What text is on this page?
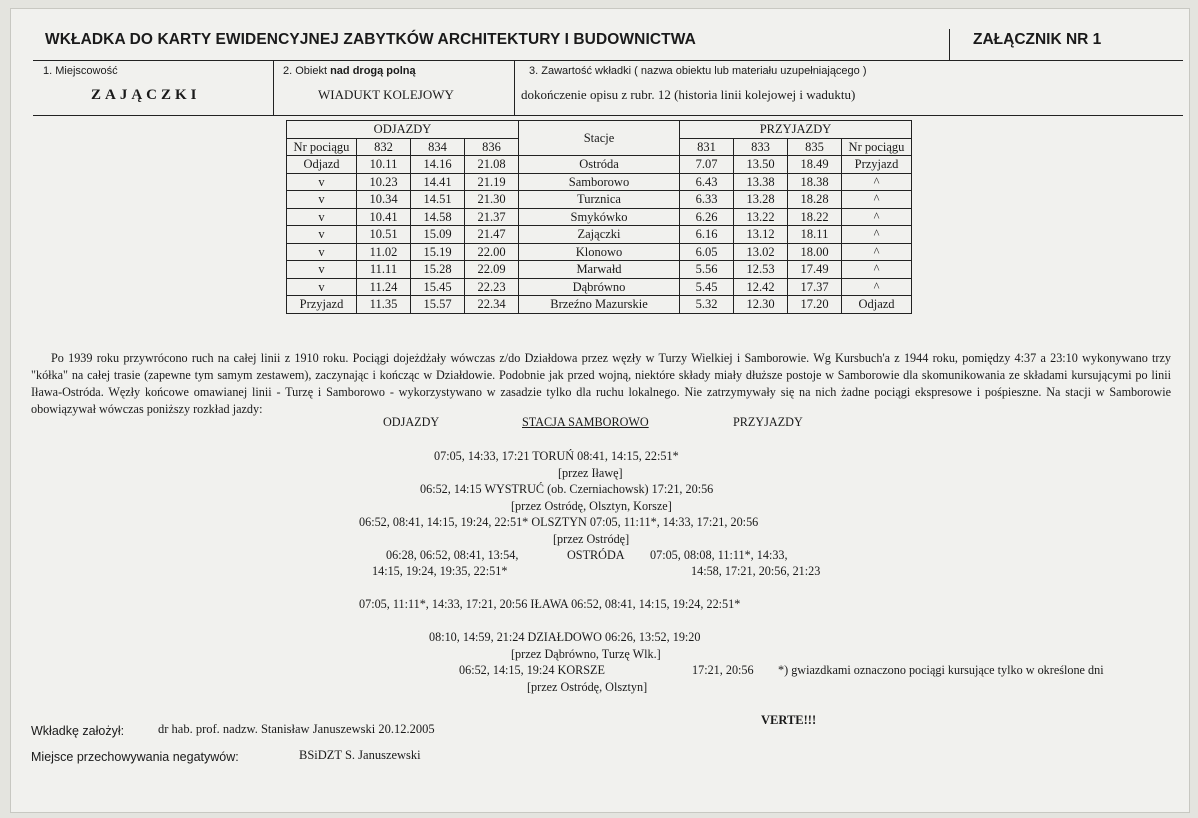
WKŁADKA DO KARTY EWIDENCYJNEJ ZABYTKÓW ARCHITEKTURY I BUDOWNICTWA	ZAŁĄCZNIK NR 1
1. Miejscowość
ZAJĄCZKI
2. Obiekt nad drogą polną
WIADUKT KOLEJOWY
3. Zawartość wkładki ( nazwa obiektu lub materiału uzupełniającego )
dokończenie opisu z rubr. 12 (historia linii kolejowej i waduktu)
ODJAZDY				Stacje	PRZYJAZDY			
Nr pociągu	832	834	836		831	833	835	Nr pociągu
Odjazd	10.11	14.16	21.08	Ostróda	7.07	13.50	18.49	Przyjazd
v	10.23	14.41	21.19	Samborowo	6.43	13.38	18.38	^
v	10.34	14.51	21.30	Turznica	6.33	13.28	18.28	^
v	10.41	14.58	21.37	Smykówko	6.26	13.22	18.22	^
v	10.51	15.09	21.47	Zajączki	6.16	13.12	18.11	^
v	11.02	15.19	22.00	Klonowo	6.05	13.02	18.00	^
v	11.11	15.28	22.09	Marwałd	5.56	12.53	17.49	^
v	11.24	15.45	22.23	Dąbrówno	5.45	12.42	17.37	^
Przyjazd	11.35	15.57	22.34	Brzeźno Mazurskie	5.32	12.30	17.20	Odjazd
Po 1939 roku przywrócono ruch na całej linii z 1910 roku. Pociągi dojeżdżały wówczas z/do Działdowa przez węzły w Turzy Wielkiej i Samborowie. Wg Kursbuch'a z 1944 roku, pomiędzy 4:37 a 23:10 wykonywano trzy "kółka" na całej trasie (zapewne tym samym zestawem), zaczynając i kończąc w Działdowie. Podobnie jak przed wojną, niektóre składy miały dłuższe postoje w Samborowie dla skomunikowania ze składami kursującymi po linii Iława-Ostróda. Węzły końcowe omawianej linii - Turzę i Samborowo - wykorzystywano w zasadzie tylko dla ruchu lokalnego. Nie zatrzymywały się na nich żadne pociągi ekspresowe i pośpieszne. Na stacji w Samborowie obowiązywał wówczas poniższy rozkład jazdy:
ODJAZDY	STACJA SAMBOROWO	PRZYJAZDY
07:05, 14:33, 17:21 TORUŃ 08:41, 14:15, 22:51*
[przez Iławę]
06:52, 14:15 WYSTRUĆ (ob. Czerniachowsk) 17:21, 20:56
[przez Ostródę, Olsztyn, Korsze]
06:52, 08:41, 14:15, 19:24, 22:51* OLSZTYN 07:05, 11:11*, 14:33, 17:21, 20:56
[przez Ostródę]
06:28, 06:52, 08:41, 13:54,	OSTRÓDA 07:05, 08:08, 11:11*, 14:33,
14:15, 19:24, 19:35, 22:51*	14:58, 17:21, 20:56, 21:23
07:05, 11:11*, 14:33, 17:21, 20:56 IŁAWA 06:52, 08:41, 14:15, 19:24, 22:51*
08:10, 14:59, 21:24 DZIAŁDOWO 06:26, 13:52, 19:20
[przez Dąbrówno, Turzę Wlk.]
06:52, 14:15, 19:24 KORSZE	17:21, 20:56 *) gwiazdkami oznaczono pociągi kursujące tylko w określone dni
[przez Ostródę, Olsztyn]
Wkładkę założył:	dr hab. prof. nadzw. Stanisław Januszewski 20.12.2005
VERTE!!!
Miejsce przechowywania negatywów:	BSiDZT S. Januszewski
